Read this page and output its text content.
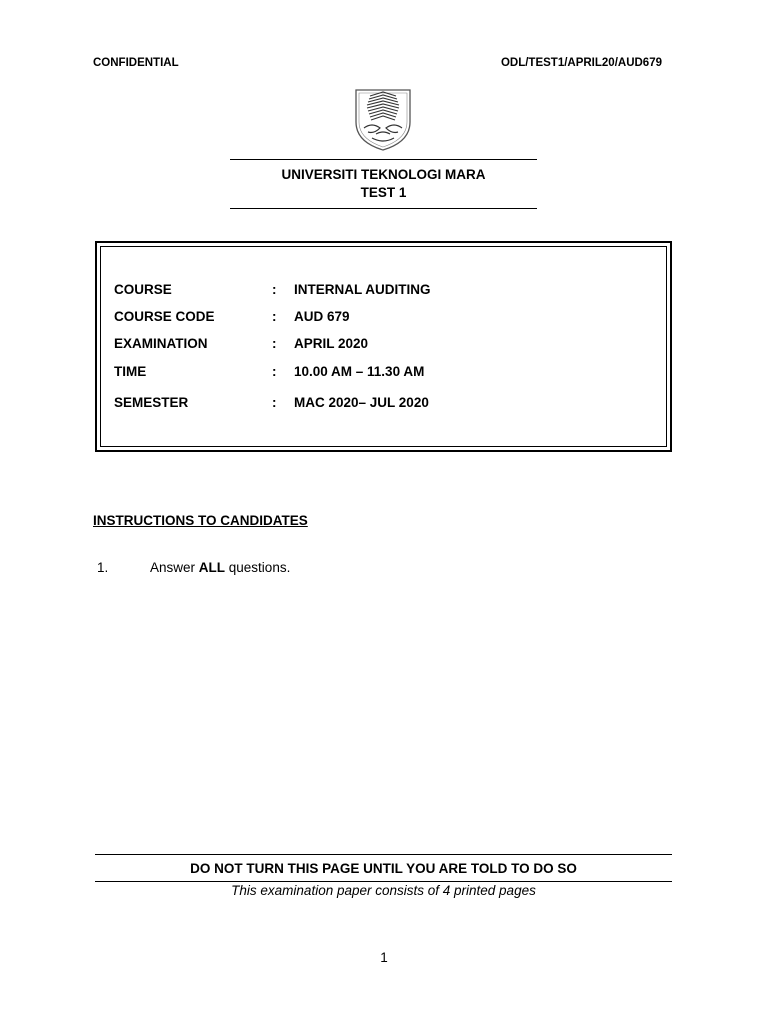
CONFIDENTIAL	ODL/TEST1/APRIL20/AUD679
UNIVERSITI TEKNOLOGI MARA
TEST 1
COURSE	: INTERNAL AUDITING
COURSE CODE	: AUD 679
EXAMINATION	: APRIL 2020
TIME	: 10.00 AM – 11.30 AM
SEMESTER	: MAC 2020– JUL 2020
INSTRUCTIONS TO CANDIDATES
1.	Answer ALL questions.
DO NOT TURN THIS PAGE UNTIL YOU ARE TOLD TO DO SO
This examination paper consists of 4 printed pages
1
